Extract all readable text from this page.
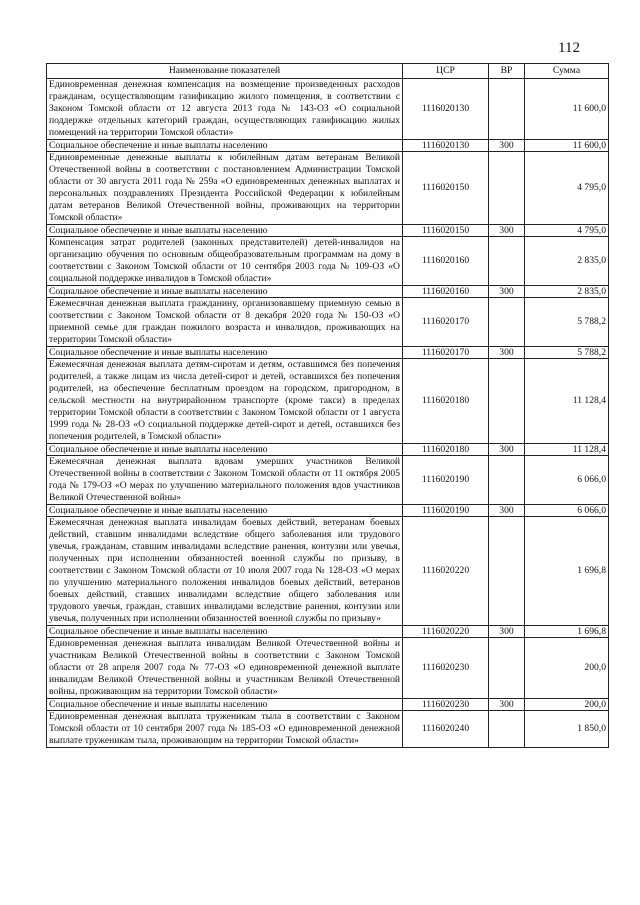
112
Наименование показателей	ЦСР	ВР	Сумма
Единовременная денежная компенсация на возмещение произведенных расходов гражданам, осуществляющим газификацию жилого помещения, в соответствии с Законом Томской области от 12 августа 2013 года № 143-ОЗ «О социальной поддержке отдельных категорий граждан, осуществляющих газификацию жилых помещений на территории Томской области»	1116020130		11 600,0
Социальное обеспечение и иные выплаты населению	1116020130	300	11 600,0
Единовременные денежные выплаты к юбилейным датам ветеранам Великой Отечественной войны в соответствии с постановлением Администрации Томской области от 30 августа 2011 года № 259а «О единовременных денежных выплатах и персональных поздравлениях Президента Российской Федерации к юбилейным датам ветеранов Великой Отечественной войны, проживающих на территории Томской области»	1116020150		4 795,0
Социальное обеспечение и иные выплаты населению	1116020150	300	4 795,0
Компенсация затрат родителей (законных представителей) детей-инвалидов на организацию обучения по основным общеобразовательным программам на дому в соответствии с Законом Томской области от 10 сентября 2003 года № 109-ОЗ «О социальной поддержке инвалидов в Томской области»	1116020160		2 835,0
Социальное обеспечение и иные выплаты населению	1116020160	300	2 835,0
Ежемесячная денежная выплата гражданину, организовавшему приемную семью в соответствии с Законом Томской области от 8 декабря 2020 года № 150-ОЗ «О приемной семье для граждан пожилого возраста и инвалидов, проживающих на территории Томской области»	1116020170		5 788,2
Социальное обеспечение и иные выплаты населению	1116020170	300	5 788,2
Ежемесячная денежная выплата детям-сиротам и детям, оставшимся без попечения родителей, а также лицам из числа детей-сирот и детей, оставшихся без попечения родителей, на обеспечение бесплатным проездом на городском, пригородном, в сельской местности на внутрирайонном транспорте (кроме такси) в пределах территории Томской области в соответствии с Законом Томской области от 1 августа 1999 года № 28-ОЗ «О социальной поддержке детей-сирот и детей, оставшихся без попечения родителей, в Томской области»	1116020180		11 128,4
Социальное обеспечение и иные выплаты населению	1116020180	300	11 128,4
Ежемесячная денежная выплата вдовам умерших участников Великой Отечественной войны в соответствии с Законом Томской области от 11 октября 2005 года № 179-ОЗ «О мерах по улучшению материального положения вдов участников Великой Отечественной войны»	1116020190		6 066,0
Социальное обеспечение и иные выплаты населению	1116020190	300	6 066,0
Ежемесячная денежная выплата инвалидам боевых действий, ветеранам боевых действий, ставшим инвалидами вследствие общего заболевания или трудового увечья, гражданам, ставшим инвалидами вследствие ранения, контузии или увечья, полученных при исполнении обязанностей военной службы по призыву, в соответствии с Законом Томской области от 10 июля 2007 года № 128-ОЗ «О мерах по улучшению материального положения инвалидов боевых действий, ветеранов боевых действий, ставших инвалидами вследствие общего заболевания или трудового увечья, граждан, ставших инвалидами вследствие ранения, контузии или увечья, полученных при исполнении обязанностей военной службы по призыву»	1116020220		1 696,8
Социальное обеспечение и иные выплаты населению	1116020220	300	1 696,8
Единовременная денежная выплата инвалидам Великой Отечественной войны и участникам Великой Отечественной войны в соответствии с Законом Томской области от 28 апреля 2007 года № 77-ОЗ «О единовременной денежной выплате инвалидам Великой Отечественной войны и участникам Великой Отечественной войны, проживающим на территории Томской области»	1116020230		200,0
Социальное обеспечение и иные выплаты населению	1116020230	300	200,0
Единовременная денежная выплата труженикам тыла в соответствии с Законом Томской области от 10 сентября 2007 года № 185-ОЗ «О единовременной денежной выплате труженикам тыла, проживающим на территории Томской области»	1116020240		1 850,0
